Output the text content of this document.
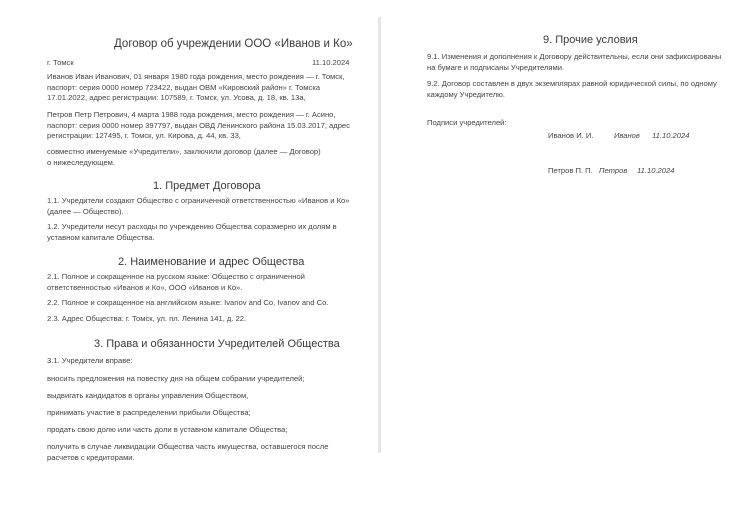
Договор об учреждении ООО «Иванов и Ко»
г. Томск	11.10.2024
Иванов Иван Иванович, 01 января 1980 года рождения, место рождения — г. Томск,
паспорт: серия 0000 номер 723422, выдан ОВМ «Кировский район» г. Томска
17.01.2022, адрес регистрации: 107589, г. Томск, ул. Усова, д. 18, кв. 13а,
Петров Петр Петрович, 4 марта 1988 года рождения, место рождения — г. Асино,
паспорт: серия 0000 номер 397797, выдан ОВД Ленинского района 15.03.2017, адрес
регистрации: 127495, г. Томск, ул. Кирова, д. 44, кв. 33,
совместно именуемые «Учредители», заключили договор (далее — Договор)
о нижеследующем.
1. Предмет Договора
1.1. Учредители создают Общество с ограниченной ответственностью «Иванов и Ко»
(далее — Общество).
1.2. Учредители несут расходы по учреждению Общества соразмерно их долям в
уставном капитале Общества.
2. Наименование и адрес Общества
2.1. Полное и сокращенное на русском языке: Общество с ограниченной
ответственностью «Иванов и Ко», ООО «Иванов и Ко».
2.2. Полное и сокращенное на английском языке: Ivanov and Co, Ivanov and Co.
2.3. Адрес Общества: г. Томск, ул. пл. Ленина 141, д. 22.
3. Права и обязанности Учредителей Общества
3.1. Учредители вправе:
вносить предложения на повестку дня на общем собрании учредителей;
выдвигать кандидатов в органы управления Обществом,
принимать участие в распределении прибыли Общества;
продать свою долю или часть доли в уставном капитале Общества;
получить в случае ликвидации Общества часть имущества, оставшегося после
расчетов с кредиторами.
9. Прочие условия
9.1. Изменения и дополнения к Договору действительны, если они зафиксированы
на бумаге и подписаны Учредителями.
9.2. Договор составлен в двух экземплярах равной юридической силы, по одному
каждому Учредителю.
Подписи учредителей:
Иванов И. И.	Иванов 11.10.2024
Петров П. П. Петров 11.10.2024
